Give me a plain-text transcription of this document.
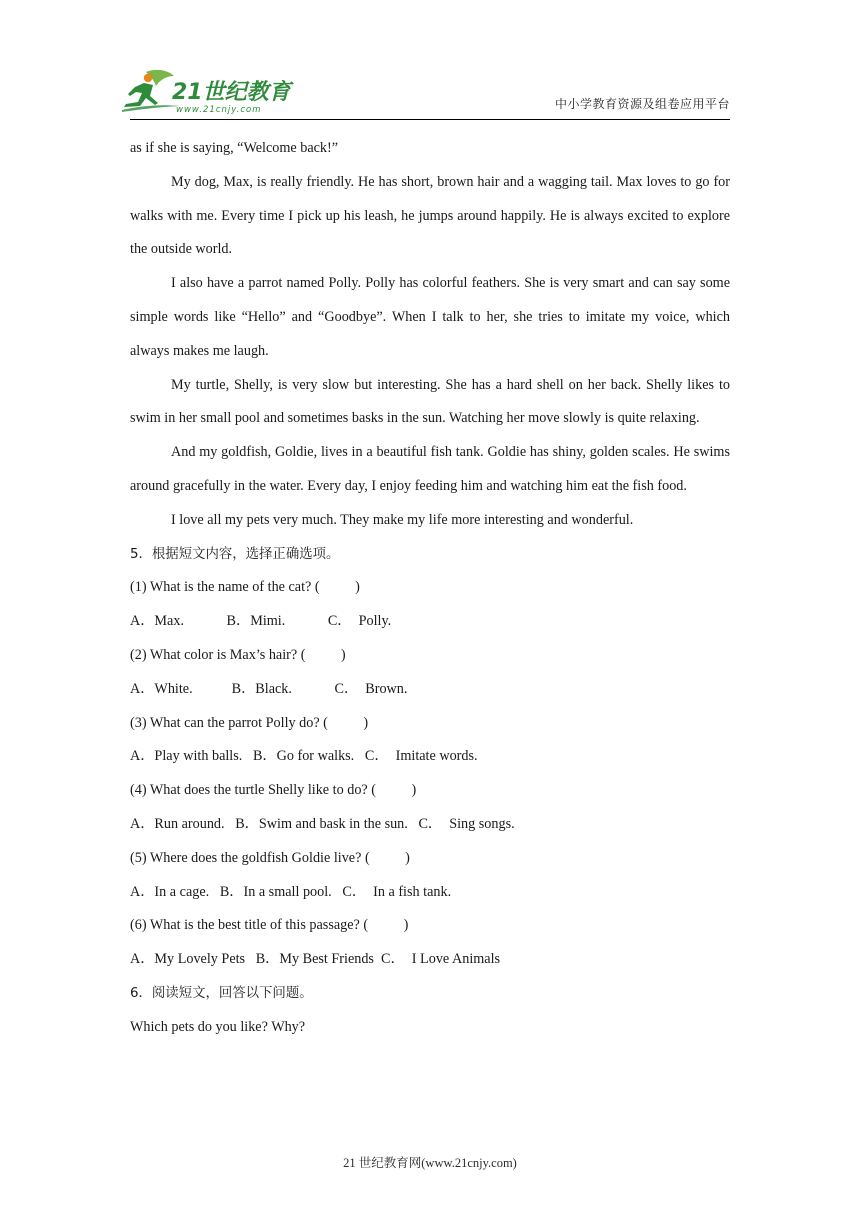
21世纪教育
www.21cnjy.com	中小学教育资源及组卷应用平台

as if she is saying, “Welcome back!”

My dog, Max, is really friendly. He has short, brown hair and a wagging tail. Max loves to go for walks with me. Every time I pick up his leash, he jumps around happily. He is always excited to explore the outside world.

I also have a parrot named Polly. Polly has colorful feathers. She is very smart and can say some simple words like “Hello” and “Goodbye”. When I talk to her, she tries to imitate my voice, which always makes me laugh.

My turtle, Shelly, is very slow but interesting. She has a hard shell on her back. Shelly likes to swim in her small pool and sometimes basks in the sun. Watching her move slowly is quite relaxing.

And my goldfish, Goldie, lives in a beautiful fish tank. Goldie has shiny, golden scales. He swims around gracefully in the water. Every day, I enjoy feeding him and watching him eat the fish food.

I love all my pets very much. They make my life more interesting and wonderful.

5．根据短文内容，选择正确选项。

(1) What is the name of the cat? (          )

A．Max.            B．Mimi.            C．  Polly.

(2) What color is Max’s hair? (          )

A．White.           B．Black.            C．  Brown.

(3) What can the parrot Polly do? (          )

A．Play with balls.   B．Go for walks.   C．  Imitate words.

(4) What does the turtle Shelly like to do? (          )

A．Run around.   B．Swim and bask in the sun.   C．  Sing songs.

(5) Where does the goldfish Goldie live? (          )

A．In a cage.   B．In a small pool.   C．  In a fish tank.

(6) What is the best title of this passage? (          )

A．My Lovely Pets   B．My Best Friends  C．  I Love Animals

6．阅读短文，回答以下问题。

Which pets do you like? Why?

21 世纪教育网(www.21cnjy.com)
